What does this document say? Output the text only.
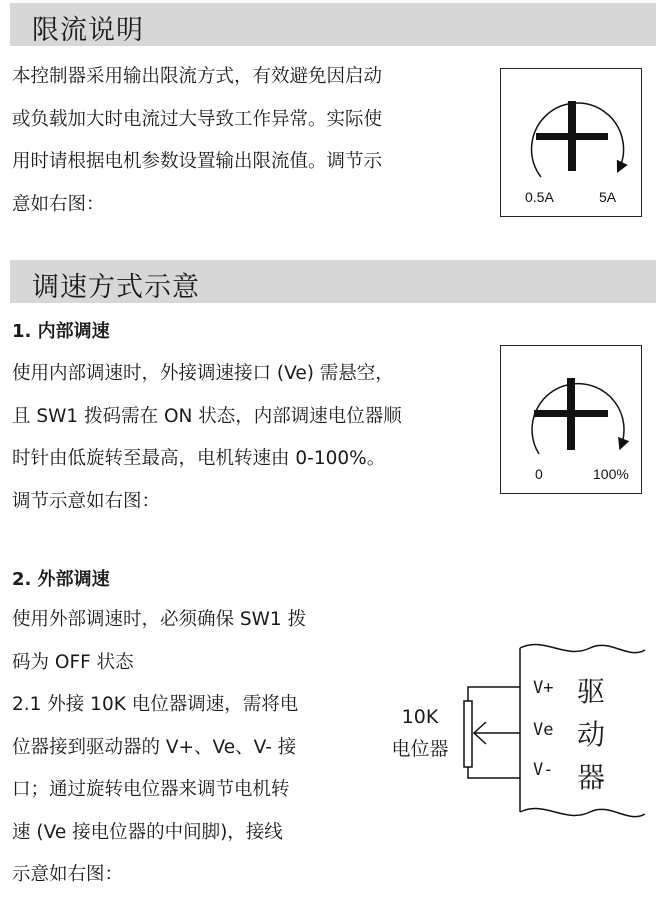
限流说明
本控制器采用输出限流方式，有效避免因启动
或负载加大时电流过大导致工作异常。实际使
用时请根据电机参数设置输出限流值。调节示
意如右图：	0.5A	5A
调速方式示意
1. 内部调速
使用内部调速时，外接调速接口 (Ve) 需悬空，
且 SW1 拨码需在 ON 状态，内部调速电位器顺
时针由低旋转至最高，电机转速由 0-100%。
调节示意如右图：
0	100%
2. 外部调速
使用外部调速时，必须确保 SW1 拨
码为 OFF 状态
2.1 外接 10K 电位器调速，需将电
位器接到驱动器的 V+、Ve、V- 接
口；通过旋转电位器来调节电机转
速 (Ve 接电位器的中间脚)，接线
示意如右图：
10K
电位器
V+
Ve
V-
驱
动
器
